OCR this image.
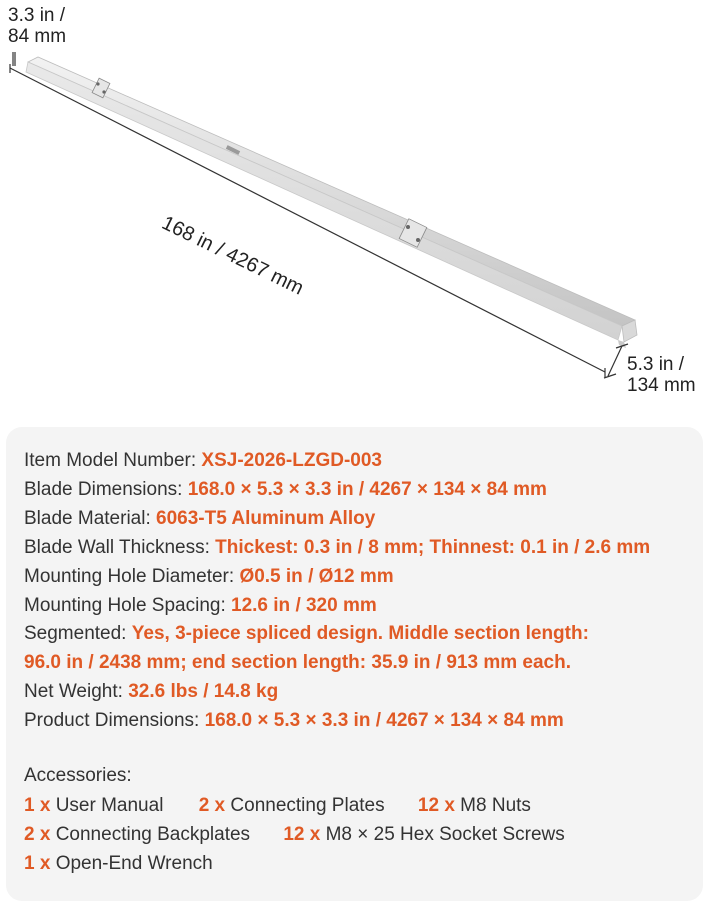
3.3 in /
84 mm
168 in / 4267 mm
5.3 in /
134 mm
Item Model Number: XSJ-2026-LZGD-003
Blade Dimensions: 168.0 × 5.3 × 3.3 in / 4267 × 134 × 84 mm
Blade Material: 6063-T5 Aluminum Alloy
Blade Wall Thickness: Thickest: 0.3 in / 8 mm; Thinnest: 0.1 in / 2.6 mm
Mounting Hole Diameter: Ø0.5 in / Ø12 mm
Mounting Hole Spacing: 12.6 in / 320 mm
Segmented: Yes, 3-piece spliced design. Middle section length:
96.0 in / 2438 mm; end section length: 35.9 in / 913 mm each.
Net Weight: 32.6 lbs / 14.8 kg
Product Dimensions: 168.0 × 5.3 × 3.3 in / 4267 × 134 × 84 mm
Accessories:
1 x User Manual 2 x Connecting Plates 12 x M8 Nuts
2 x Connecting Backplates 12 x M8 × 25 Hex Socket Screws
1 x Open-End Wrench
